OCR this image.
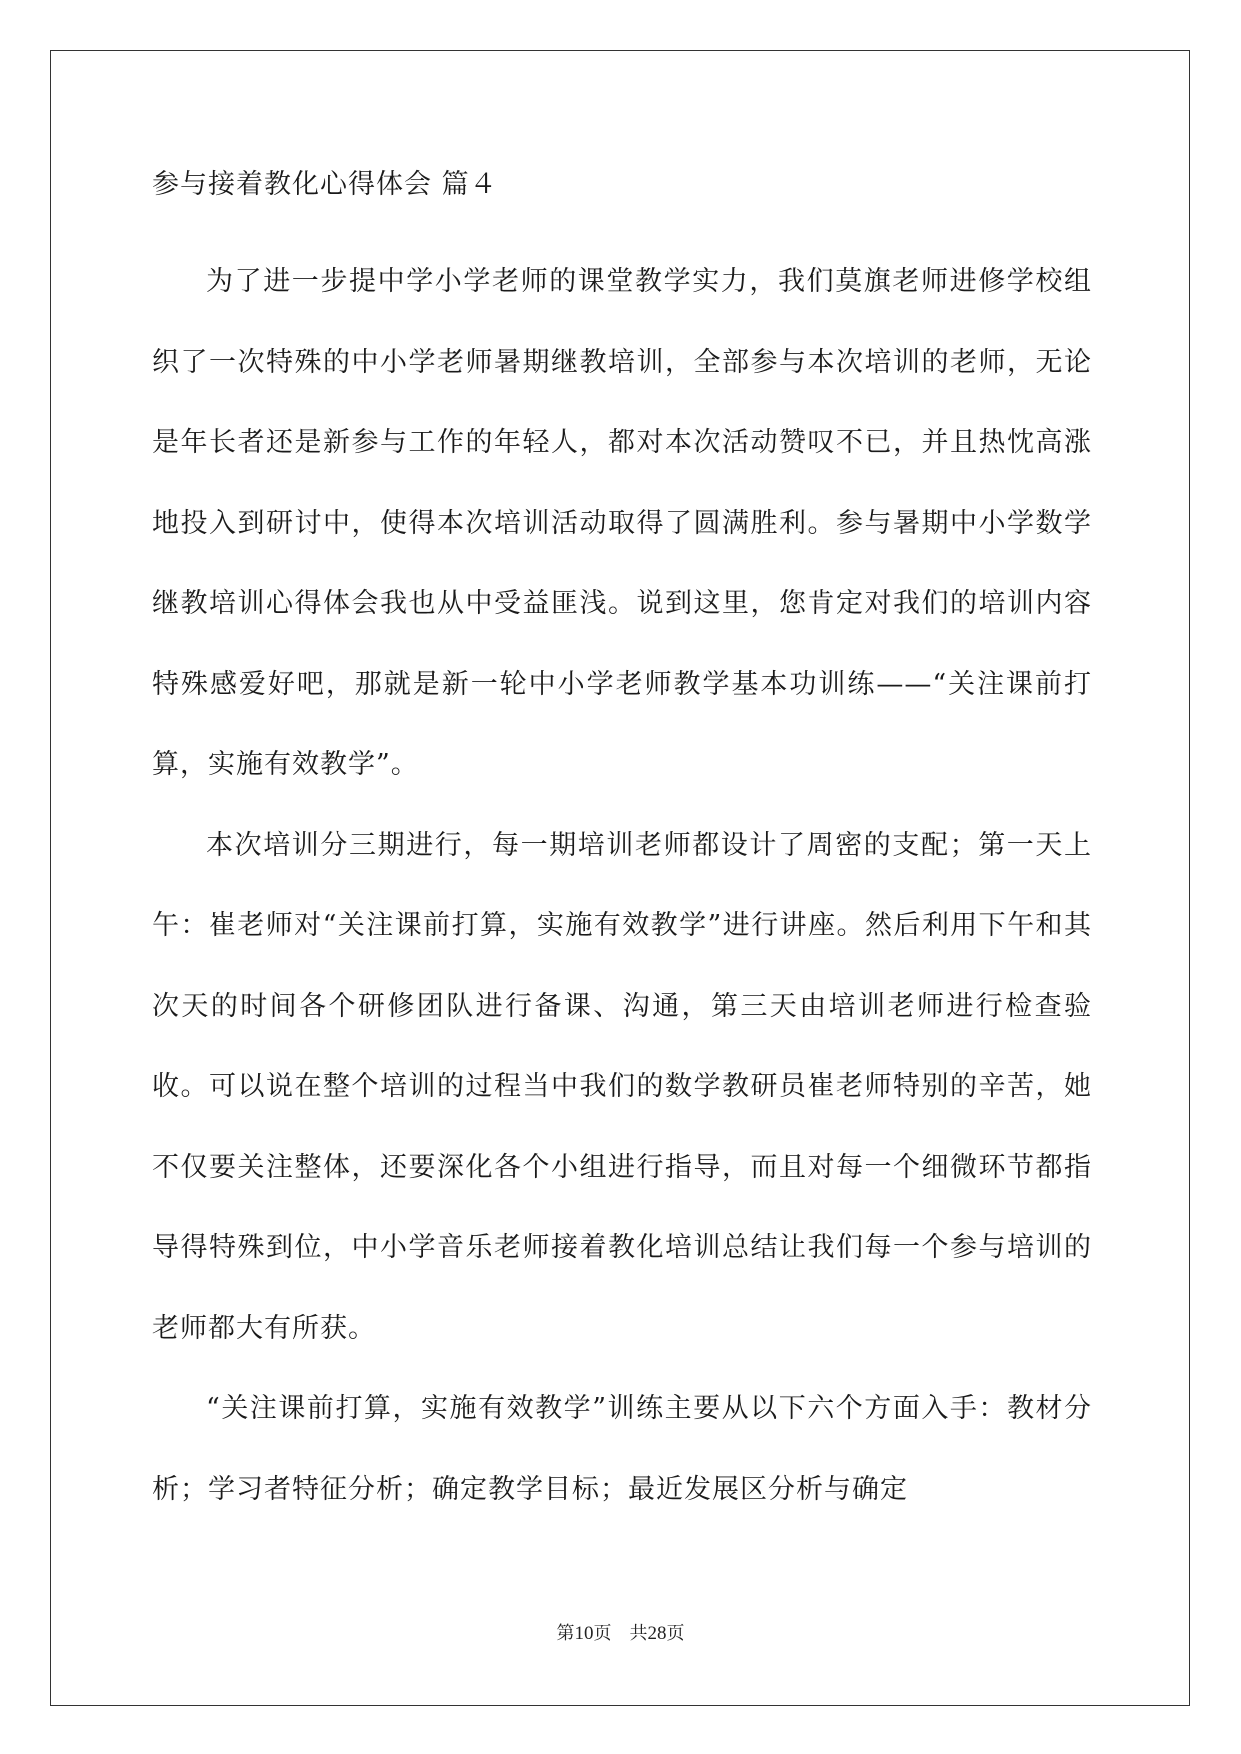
参与接着教化心得体会 篇４

为了进一步提中学小学老师的课堂教学实力，我们莫旗老师进修学校组织了一次特殊的中小学老师暑期继教培训，全部参与本次培训的老师，无论是年长者还是新参与工作的年轻人，都对本次活动赞叹不已，并且热忱高涨地投入到研讨中，使得本次培训活动取得了圆满胜利。参与暑期中小学数学继教培训心得体会我也从中受益匪浅。说到这里，您肯定对我们的培训内容特殊感爱好吧，那就是新一轮中小学老师教学基本功训练——“关注课前打算，实施有效教学”。

本次培训分三期进行，每一期培训老师都设计了周密的支配；第一天上午：崔老师对“关注课前打算，实施有效教学”进行讲座。然后利用下午和其次天的时间各个研修团队进行备课、沟通，第三天由培训老师进行检查验收。可以说在整个培训的过程当中我们的数学教研员崔老师特别的辛苦，她不仅要关注整体，还要深化各个小组进行指导，而且对每一个细微环节都指导得特殊到位，中小学音乐老师接着教化培训总结让我们每一个参与培训的老师都大有所获。

“关注课前打算，实施有效教学”训练主要从以下六个方面入手：教材分析；学习者特征分析；确定教学目标；最近发展区分析与确定

第10页　共28页
